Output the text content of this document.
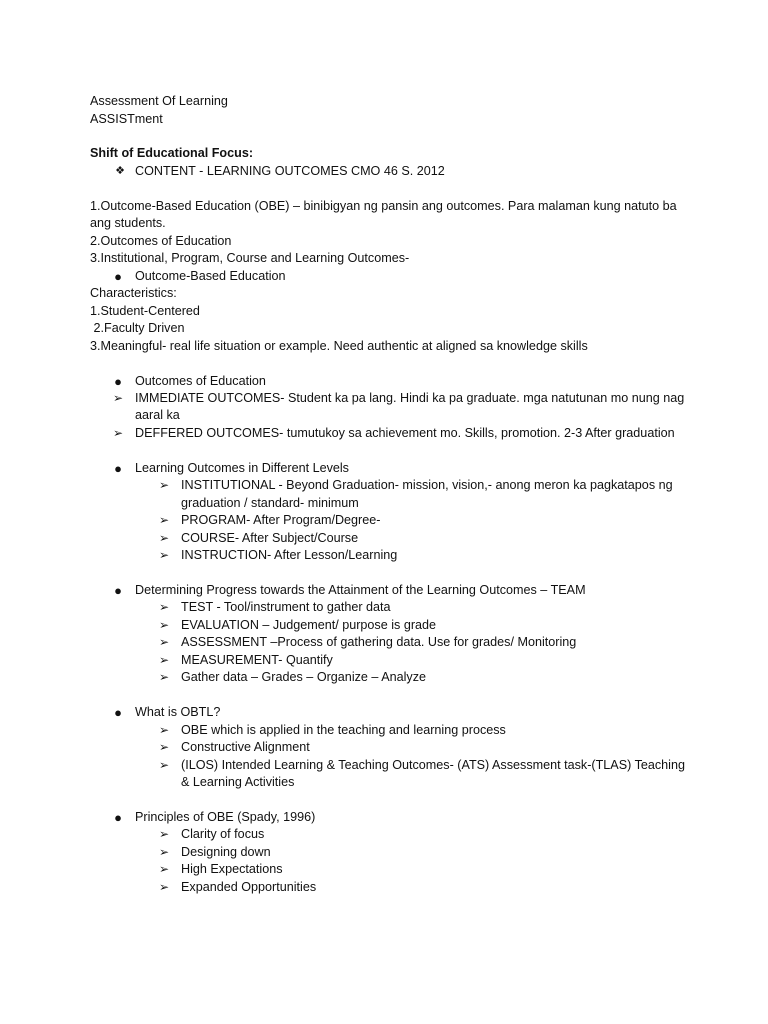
Assessment Of Learning
ASSISTment
Shift of Educational Focus:
❖ CONTENT - LEARNING OUTCOMES CMO 46 S. 2012
1.Outcome-Based Education (OBE) – binibigyan ng pansin ang outcomes. Para malaman kung natuto ba
ang students.
2.Outcomes of Education
3.Institutional, Program, Course and Learning Outcomes-
● Outcome-Based Education
Characteristics:
1.Student-Centered
2.Faculty Driven
3.Meaningful- real life situation or example. Need authentic at aligned sa knowledge skills
● Outcomes of Education
➢ IMMEDIATE OUTCOMES- Student ka pa lang. Hindi ka pa graduate. mga natutunan mo nung nag
aaral ka
➢ DEFFERED OUTCOMES- tumutukoy sa achievement mo. Skills, promotion. 2-3 After graduation
● Learning Outcomes in Different Levels
➢ INSTITUTIONAL - Beyond Graduation- mission, vision,- anong meron ka pagkatapos ng
graduation / standard- minimum
➢ PROGRAM- After Program/Degree-
➢ COURSE- After Subject/Course
➢ INSTRUCTION- After Lesson/Learning
● Determining Progress towards the Attainment of the Learning Outcomes – TEAM
➢ TEST - Tool/instrument to gather data
➢ EVALUATION – Judgement/ purpose is grade
➢ ASSESSMENT –Process of gathering data. Use for grades/ Monitoring
➢ MEASUREMENT- Quantify
➢ Gather data – Grades – Organize – Analyze
● What is OBTL?
➢ OBE which is applied in the teaching and learning process
➢ Constructive Alignment
➢ (ILOS) Intended Learning & Teaching Outcomes- (ATS) Assessment task-(TLAS) Teaching
& Learning Activities
● Principles of OBE (Spady, 1996)
➢ Clarity of focus
➢ Designing down
➢ High Expectations
➢ Expanded Opportunities
